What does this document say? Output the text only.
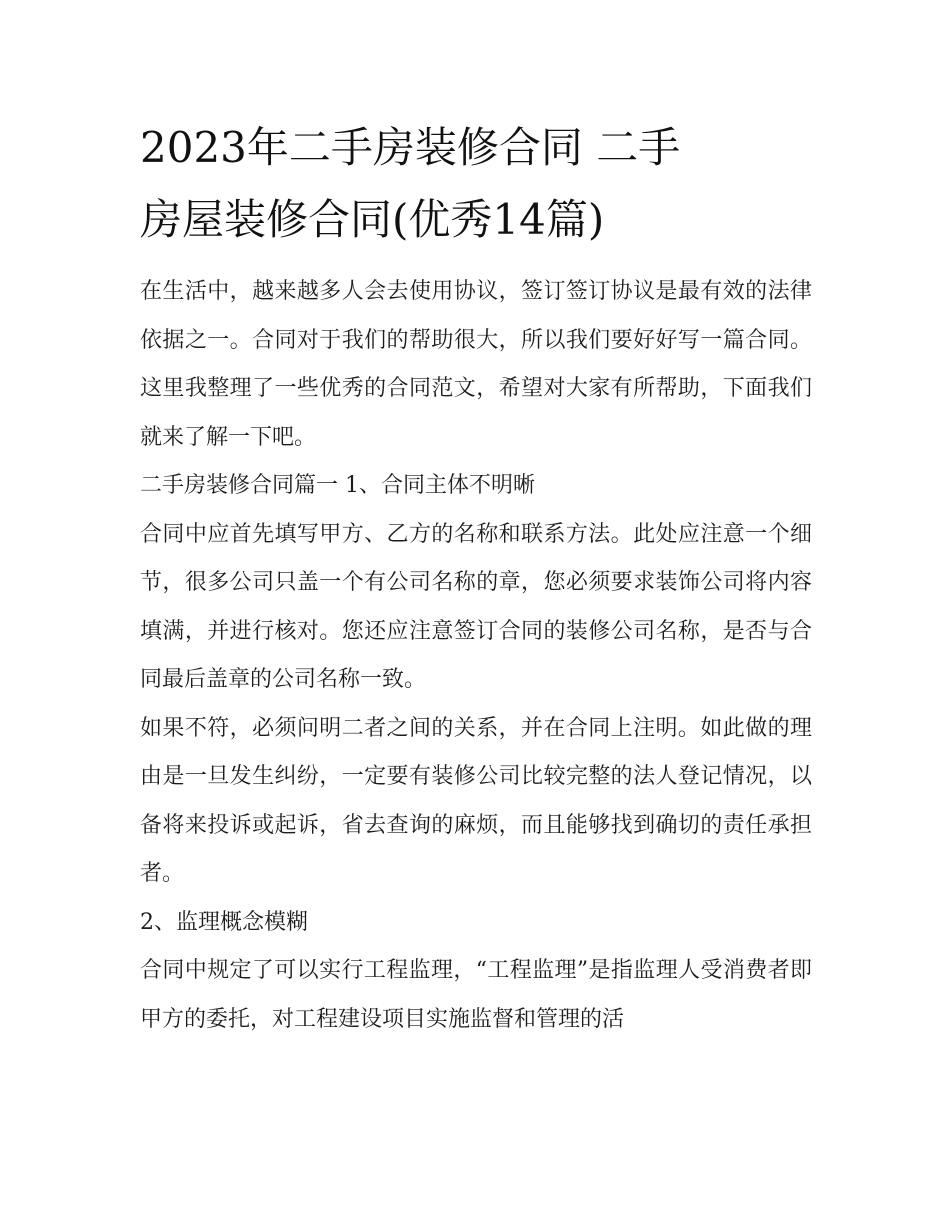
2023年二手房装修合同 二手
房屋装修合同(优秀14篇)

在生活中，越来越多人会去使用协议，签订签订协议是最有效的法律依据之一。合同对于我们的帮助很大，所以我们要好好写一篇合同。这里我整理了一些优秀的合同范文，希望对大家有所帮助，下面我们就来了解一下吧。

二手房装修合同篇一 1、合同主体不明晰

合同中应首先填写甲方、乙方的名称和联系方法。此处应注意一个细节，很多公司只盖一个有公司名称的章，您必须要求装饰公司将内容填满，并进行核对。您还应注意签订合同的装修公司名称，是否与合同最后盖章的公司名称一致。

如果不符，必须问明二者之间的关系，并在合同上注明。如此做的理由是一旦发生纠纷，一定要有装修公司比较完整的法人登记情况，以备将来投诉或起诉，省去查询的麻烦，而且能够找到确切的责任承担者。

2、监理概念模糊

合同中规定了可以实行工程监理，“工程监理”是指监理人受消费者即甲方的委托，对工程建设项目实施监督和管理的活
